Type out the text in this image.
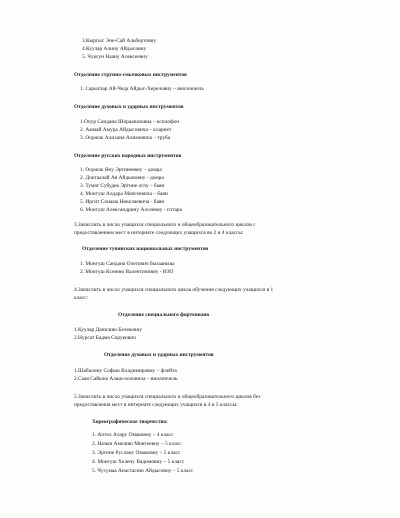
3.Кыргыс Эне-Сай Альбертовну
4.Куулар Алину Айдысовну
5. Чуксун Наану Алексеевну
Отделение струнно-смычковых инструментов
1. Сарыглар Ай-Чеда Айдыс-Хереловну – виолончель
Отделение духовых и ударных инструментов
1.Очур Сандана Шорааназовна – ксилофон
2. Аммай Амура Айдысовича – кларнет
3. Ооржак Алихана Алимовича – труба
Отделение русских народных инструментов
1. Ооржак Яну Эртинеевну – домра
2. Доктаалай Ая Айдыновну - домра
3. Тумат Субудек Эртине оглу – баян
4. Монгуш Алдара Монгеевича – баян
5. Иргит Сонама Николаевича - баян
6. Монгуш Александрину Алсеевну - гитара
3.Зачислить в число учащихся специального и общеобразовательного циклов с
предоставлением мест в интернате следующих учащихся во 2 и 4 классы:
Отделение тувинских национальных инструментов
1. Монгуш Сандана Олегович бызааньчы
2. Монгуш Ксению Валентиновну - ИЗО
4.Зачислить в число учащихся специального цикла обучения следующих учащихся в 1
класс:
Отделение специального фортепиано
1.Куулар Данилию Белековну
2.Нурсат Бадма Сорукович
Отделение духовых и ударных инструментов
1.Шабалину Софью Владимировну – флейта
2.Саая Сайына Алаш-ооловича – виолончель
5.Зачислить в число учащихся специального и общеобразовательного циклов без
предоставления мест в интернате следующих учащихся в 4 и 5 классы:
Хореографическое творчество:
1. Аптел Алару Омаковну – 4 класс
2. Назын Амелию Монгеевну – 5 класс
3. Эртине Руслану Омаковну – 5 класс
4. Монгуш Хелену Вадимовну – 5 класс
5. Чусумаа Анастасию Айдысовну – 5 класс
